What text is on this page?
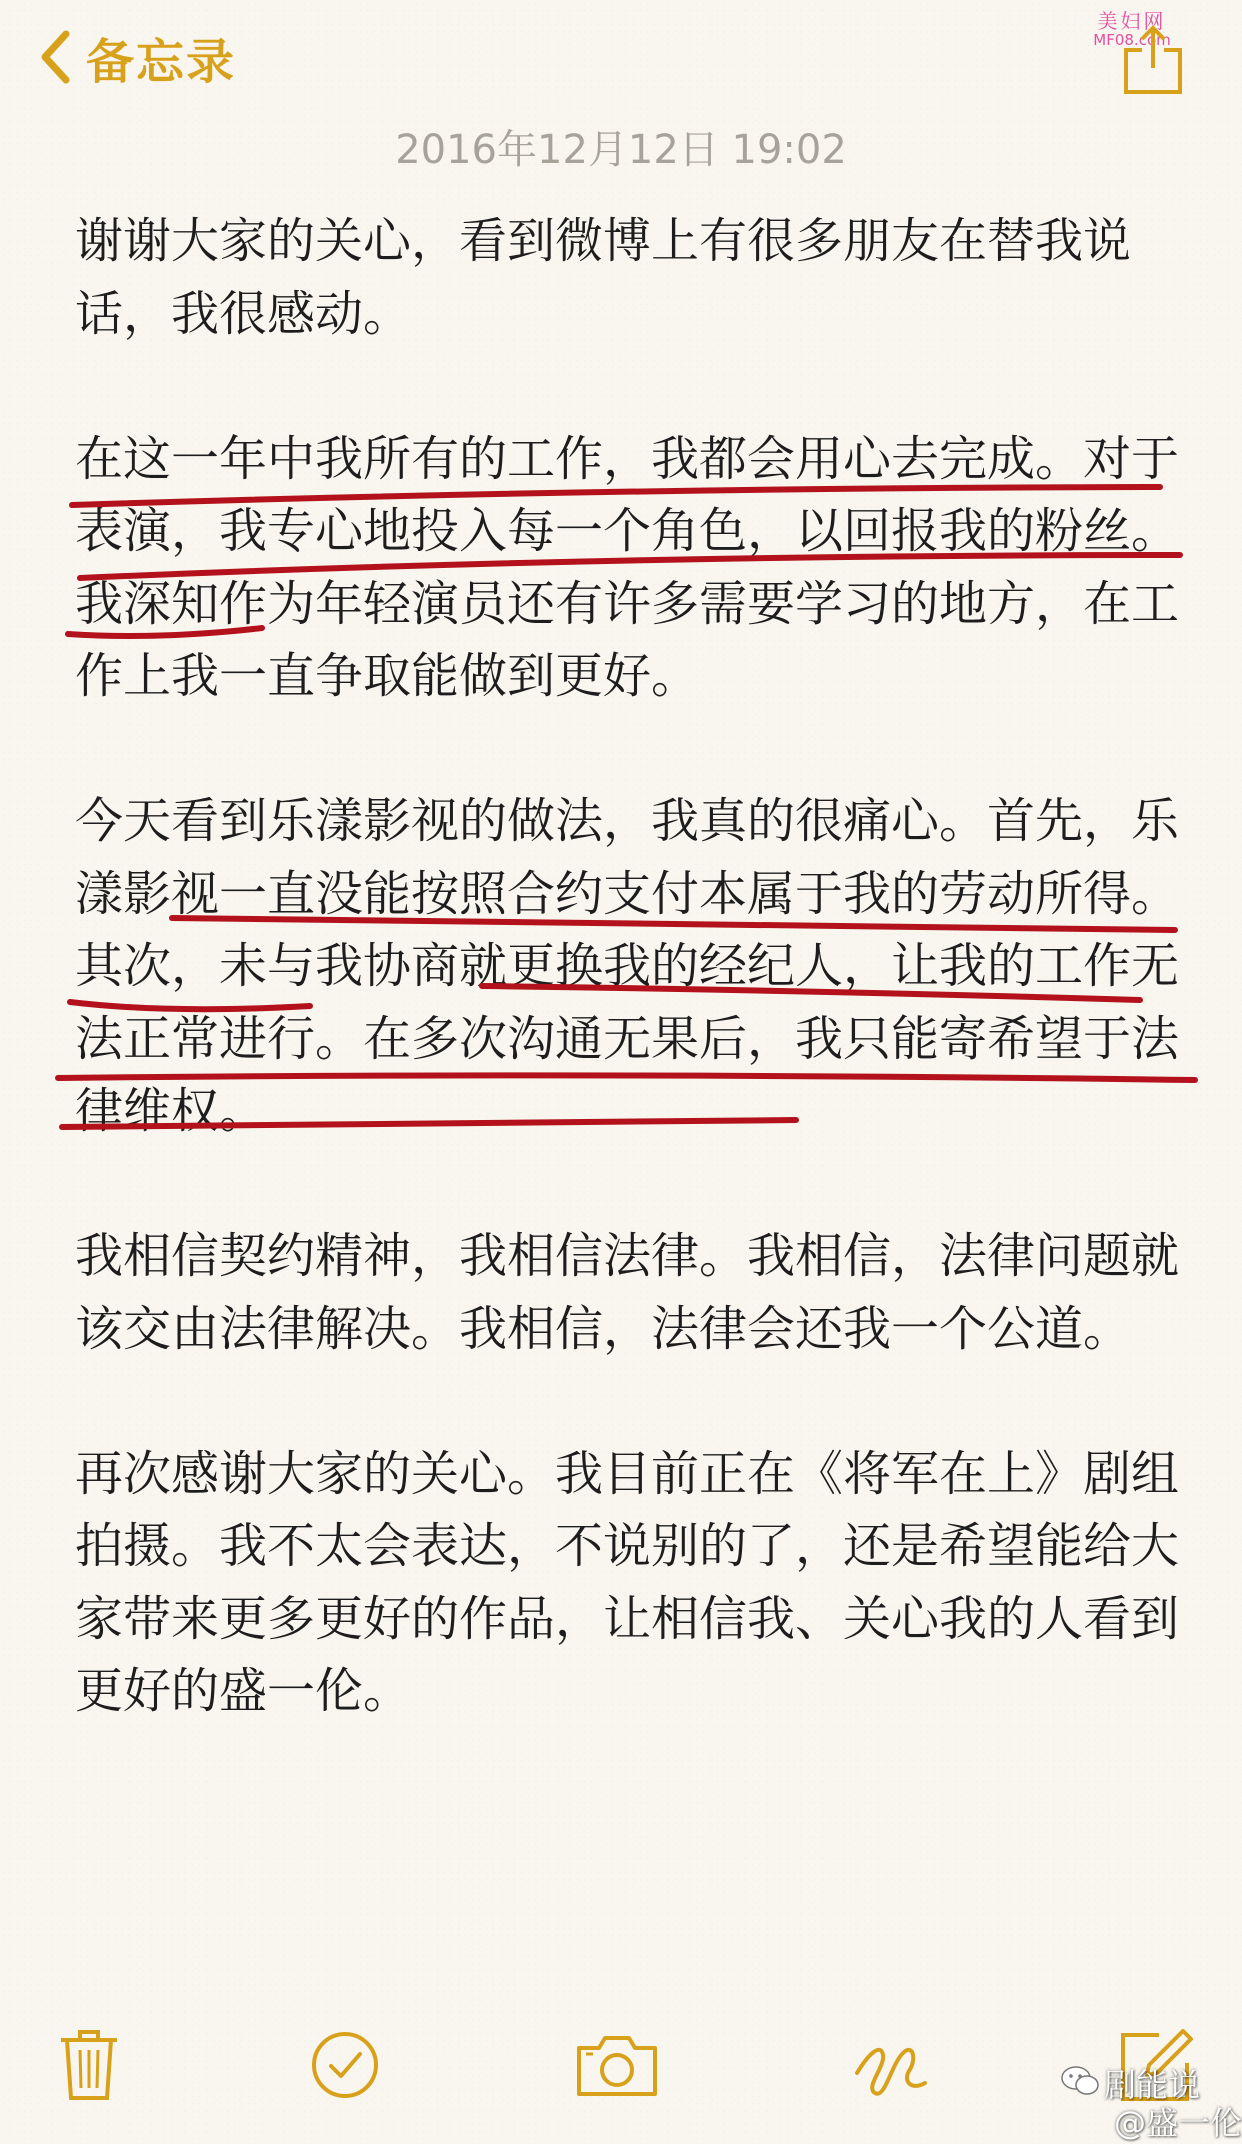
备忘录
美妇网
MF08.com
2016年12月12日 19:02

谢谢大家的关心，看到微博上有很多朋友在替我说话，我很感动。

在这一年中我所有的工作，我都会用心去完成。对于表演，我专心地投入每一个角色，以回报我的粉丝。我深知作为年轻演员还有许多需要学习的地方，在工作上我一直争取能做到更好。

今天看到乐漾影视的做法，我真的很痛心。首先，乐漾影视一直没能按照合约支付本属于我的劳动所得。其次，未与我协商就更换我的经纪人，让我的工作无法正常进行。在多次沟通无果后，我只能寄希望于法律维权。

我相信契约精神，我相信法律。我相信，法律问题就该交由法律解决。我相信，法律会还我一个公道。

再次感谢大家的关心。我目前正在《将军在上》剧组拍摄。我不太会表达，不说别的了，还是希望能给大家带来更多更好的作品，让相信我、关心我的人看到更好的盛一伦。

剧能说
@盛一伦
